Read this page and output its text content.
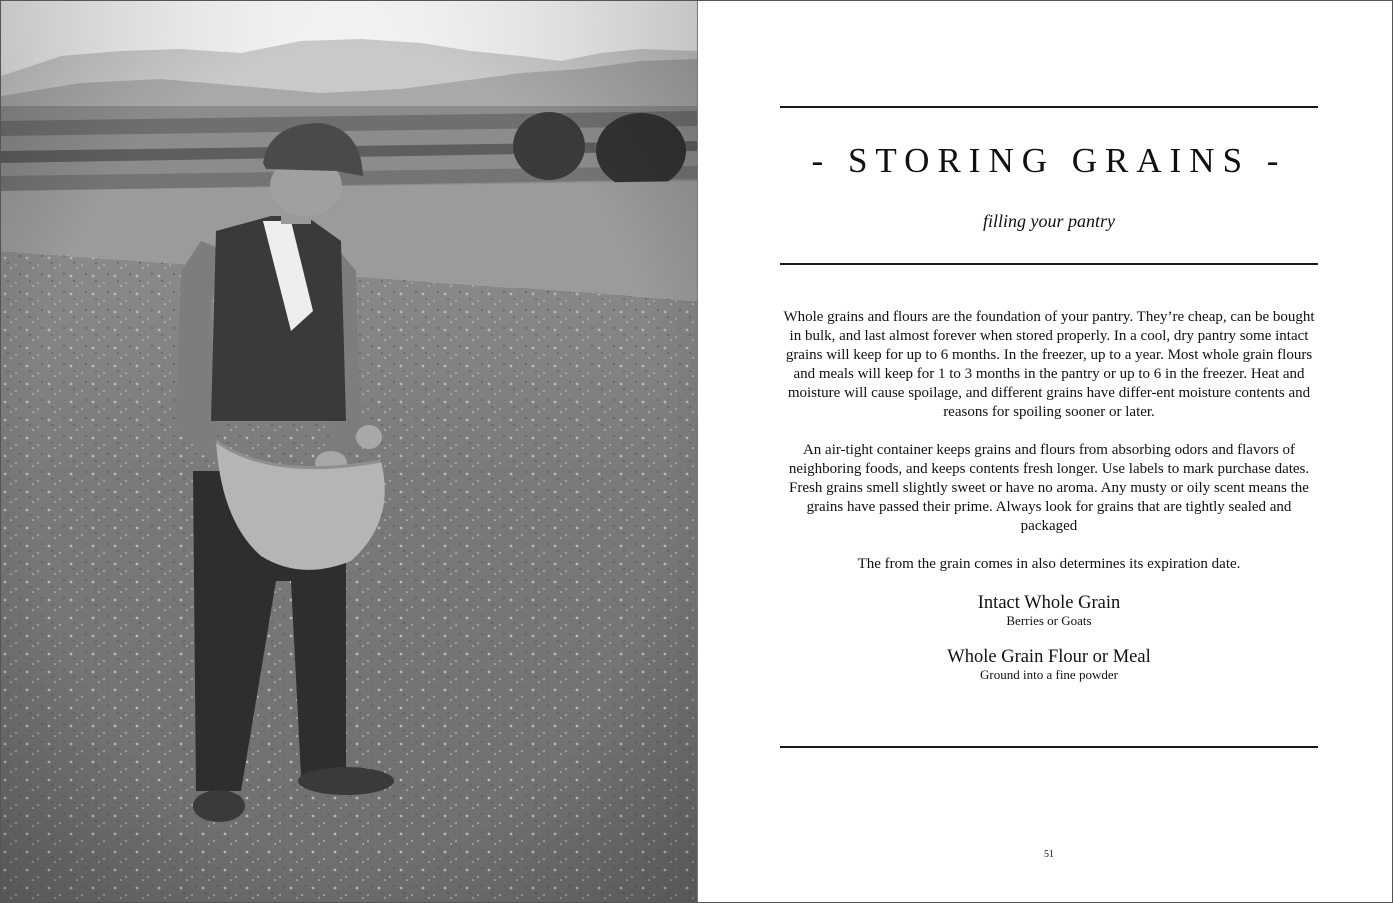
- STORING GRAINS -
filling your pantry

Whole grains and flours are the foundation of your pantry. They’re cheap, can be bought in bulk, and last almost forever when stored properly. In a cool, dry pantry some intact grains will keep for up to 6 months. In the freezer, up to a year. Most whole grain flours and meals will keep for 1 to 3 months in the pantry or up to 6 in the freezer. Heat and moisture will cause spoilage, and different grains have differ-ent moisture contents and reasons for spoiling sooner or later.

An air-tight container keeps grains and flours from absorbing odors and flavors of neighboring foods, and keeps contents fresh longer. Use labels to mark purchase dates. Fresh grains smell slightly sweet or have no aroma. Any musty or oily scent means the grains have passed their prime. Always look for grains that are tightly sealed and packaged

The from the grain comes in also determines its expiration date.

Intact Whole Grain
Berries or Goats
Whole Grain Flour or Meal
Ground into a fine powder
51
